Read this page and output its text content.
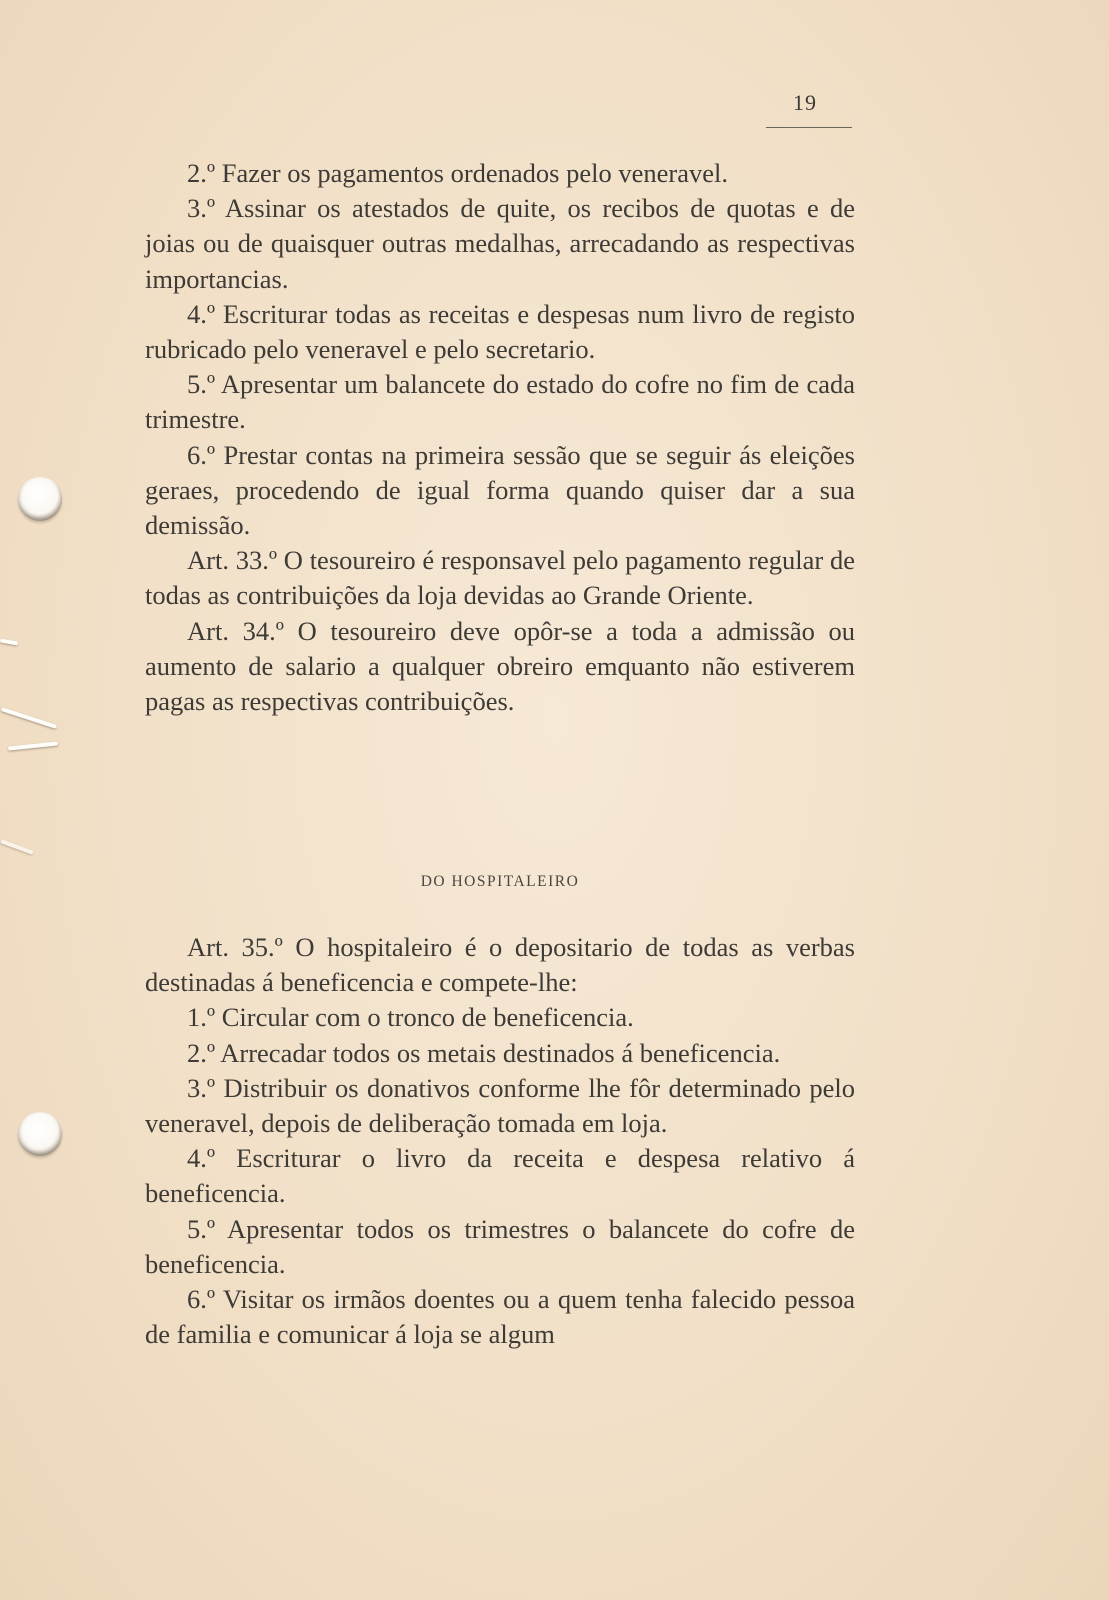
19

2.º Fazer os pagamentos ordenados pelo veneravel.

3.º Assinar os atestados de quite, os recibos de quotas e de joias ou de quaisquer outras medalhas, arrecadando as respectivas importancias.

4.º Escriturar todas as receitas e despesas num livro de registo rubricado pelo veneravel e pelo secretario.

5.º Apresentar um balancete do estado do cofre no fim de cada trimestre.

6.º Prestar contas na primeira sessão que se seguir ás eleições geraes, procedendo de igual forma quando quiser dar a sua demissão.

Art. 33.º O tesoureiro é responsavel pelo pagamento regular de todas as contribuições da loja devidas ao Grande Oriente.

Art. 34.º O tesoureiro deve opôr-se a toda a admissão ou aumento de salario a qualquer obreiro emquanto não estiverem pagas as respectivas contribuições.

DO HOSPITALEIRO

Art. 35.º O hospitaleiro é o depositario de todas as verbas destinadas á beneficencia e compete-lhe:

1.º Circular com o tronco de beneficencia.

2.º Arrecadar todos os metais destinados á beneficencia.

3.º Distribuir os donativos conforme lhe fôr determinado pelo veneravel, depois de deliberação tomada em loja.

4.º Escriturar o livro da receita e despesa relativo á beneficencia.

5.º Apresentar todos os trimestres o balancete do cofre de beneficencia.

6.º Visitar os irmãos doentes ou a quem tenha falecido pessoa de familia e comunicar á loja se algum
